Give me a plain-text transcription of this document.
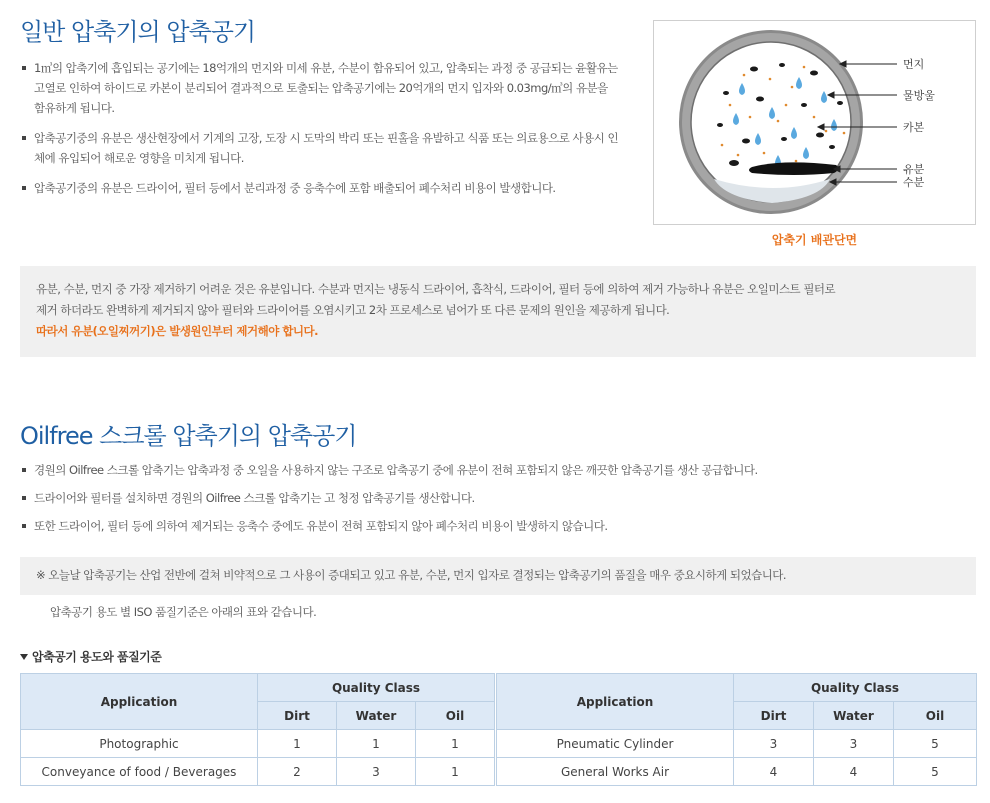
일반 압축기의 압축공기

1㎥의 압축기에 흡입되는 공기에는 18억개의 먼지와 미세 유분, 수분이 함유되어 있고, 압축되는 과정 중 공급되는 윤활유는 고열로 인하여 하이드로 카본이 분리되어 결과적으로 토출되는 압축공기에는 20억개의 먼지 입자와 0.03mg/㎥의 유분을 함유하게 됩니다.

압축공기중의 유분은 생산현장에서 기계의 고장, 도장 시 도막의 박리 또는 핀홀을 유발하고 식품 또는 의료용으로 사용시 인체에 유입되어 해로운 영향을 미치게 됩니다.

압축공기중의 유분은 드라이어, 필터 등에서 분리과정 중 응축수에 포함 배출되어 폐수처리 비용이 발생합니다.

먼지
물방울
카본
유분
수분
압축기 배관단면

유분, 수분, 먼지 중 가장 제거하기 어려운 것은 유분입니다. 수분과 먼지는 냉동식 드라이어, 흡착식, 드라이어, 필터 등에 의하여 제거 가능하나 유분은 오일미스트 필터로

제거 하더라도 완벽하게 제거되지 않아 필터와 드라이어를 오염시키고 2차 프로세스로 넘어가 또 다른 문제의 원인을 제공하게 됩니다.

따라서 유분(오일찌꺼기)은 발생원인부터 제거해야 합니다.

Oilfree 스크롤 압축기의 압축공기

경원의 Oilfree 스크롤 압축기는 압축과정 중 오일을 사용하지 않는 구조로 압축공기 중에 유분이 전혀 포함되지 않은 깨끗한 압축공기를 생산 공급합니다.

드라이어와 필터를 설치하면 경원의 Oilfree 스크롤 압축기는 고 청정 압축공기를 생산합니다.

또한 드라이어, 필터 등에 의하여 제거되는 응축수 중에도 유분이 전혀 포함되지 않아 폐수처리 비용이 발생하지 않습니다.

※ 오늘날 압축공기는 산업 전반에 걸쳐 비약적으로 그 사용이 증대되고 있고 유분, 수분, 먼지 입자로 결정되는 압축공기의 품질을 매우 중요시하게 되었습니다.
압축공기 용도 별 ISO 품질기준은 아래의 표와 같습니다.
압축공기 용도와 품질기준
Application	Quality Class				Application	Quality Class		
	Dirt	Water	Oil			Dirt	Water	Oil
Photographic	1	1	1		Pneumatic Cylinder	3	3	5
Conveyance of food / Beverages	2	3	1		General Works Air	4	4	5
